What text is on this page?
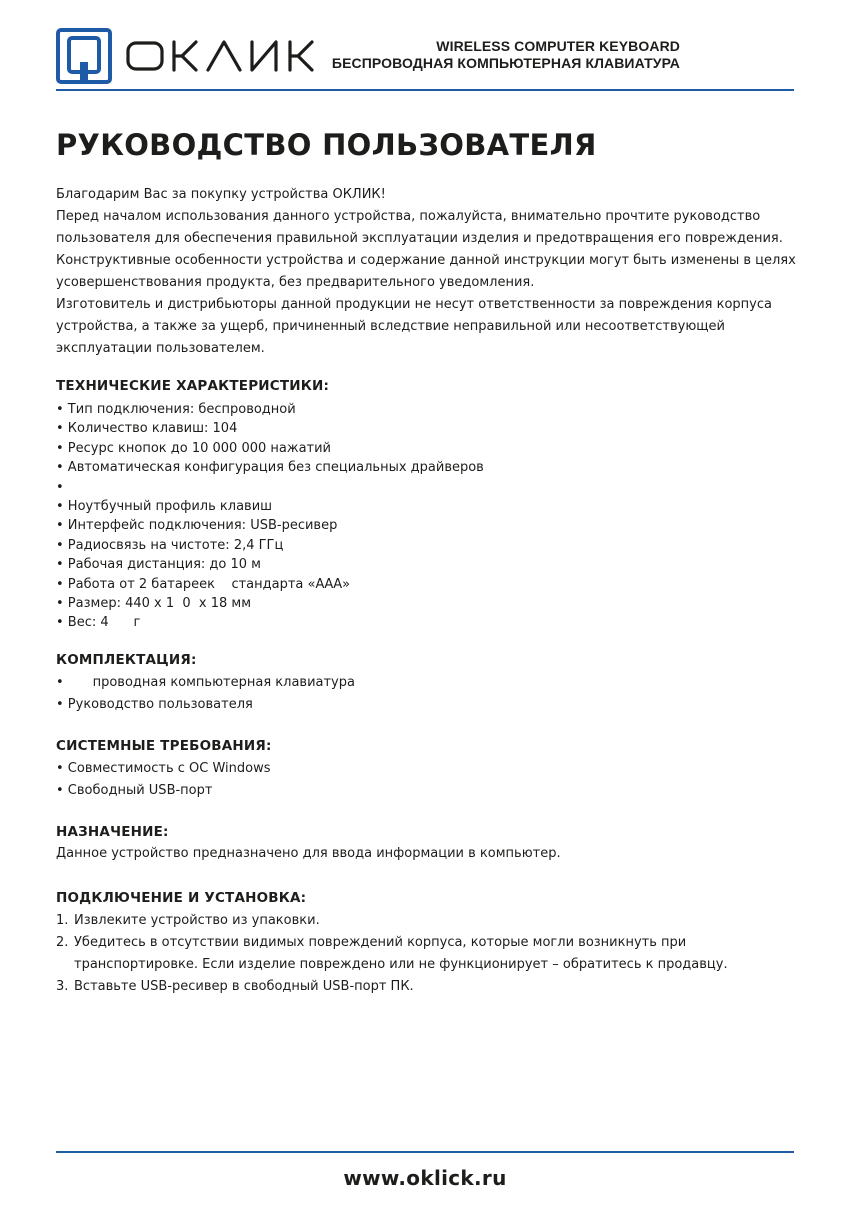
WIRELESS COMPUTER KEYBOARD
БЕСПРОВОДНАЯ КОМПЬЮТЕРНАЯ КЛАВИАТУРА
РУКОВОДСТВО ПОЛЬЗОВАТЕЛЯ

Благодарим Вас за покупку устройства ОКЛИК!

Перед началом использования данного устройства, пожалуйста, внимательно прочтите руководство пользователя для обеспечения правильной эксплуатации изделия и предотвращения его повреждения.

Конструктивные особенности устройства и содержание данной инструкции могут быть изменены в целях усовершенствования продукта, без предварительного уведомления.

Изготовитель и дистрибьюторы данной продукции не несут ответственности за повреждения корпуса устройства, а также за ущерб, причиненный вследствие неправильной или несоответствующей эксплуатации пользователем.

ТЕХНИЧЕСКИЕ ХАРАКТЕРИСТИКИ:
• Тип подключения: беспроводной
• Количество клавиш: 104
• Ресурс кнопок до 10 000 000 нажатий
• Автоматическая конфигурация без специальных драйверов
•
• Ноутбучный профиль клавиш
• Интерфейс подключения: USB-ресивер
• Радиосвязь на чистоте: 2,4 ГГц
• Рабочая дистанция: до 10 м
• Работа от 2 батареек    стандарта «ААА»
• Размер: 440 x 1  0  x 18 мм
• Вес: 4      г
КОМПЛЕКТАЦИЯ:
•       проводная компьютерная клавиатура
• Руководство пользователя
СИСТЕМНЫЕ ТРЕБОВАНИЯ:
• Совместимость с ОС Windows
• Свободный USB-порт
НАЗНАЧЕНИЕ:

Данное устройство предназначено для ввода информации в компьютер.

ПОДКЛЮЧЕНИЕ И УСТАНОВКА:
1. Извлеките устройство из упаковки.
2. Убедитесь в отсутствии видимых повреждений корпуса, которые могли возникнуть при транспортировке. Если изделие повреждено или не функционирует – обратитесь к продавцу.
3. Вставьте USB-ресивер в свободный USB-порт ПК.
www.oklick.ru
